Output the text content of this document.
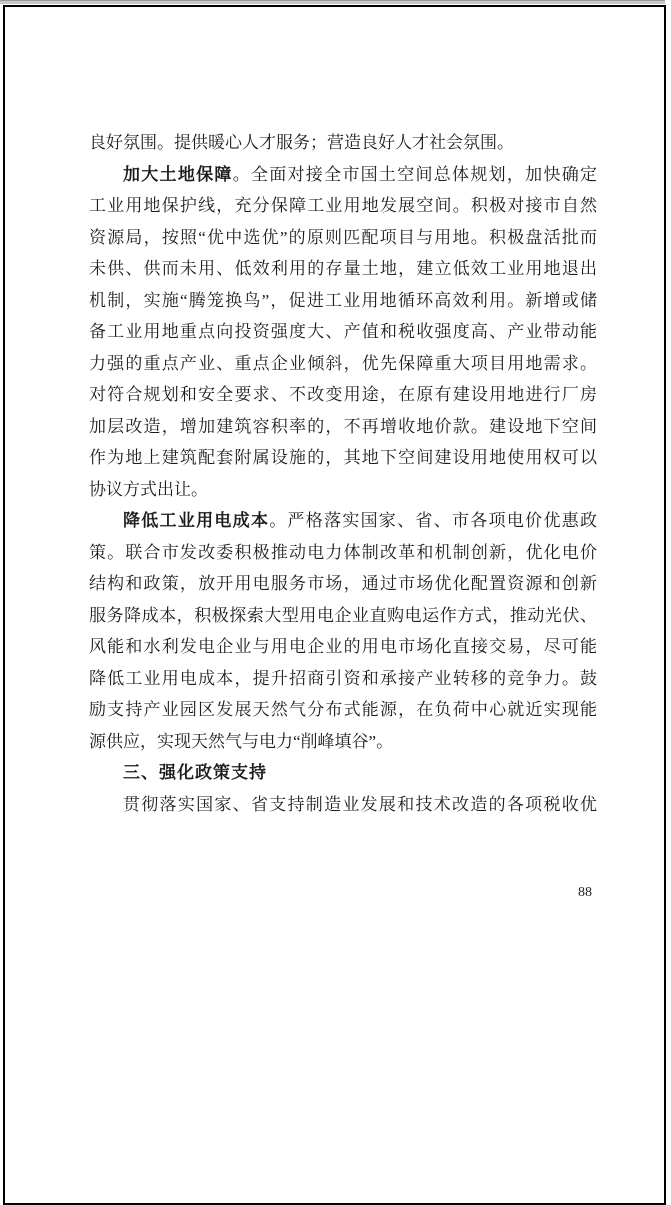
良好氛围。提供暖心人才服务；营造良好人才社会氛围。
加大土地保障。全面对接全市国土空间总体规划，加快确定
工业用地保护线，充分保障工业用地发展空间。积极对接市自然
资源局，按照“优中选优”的原则匹配项目与用地。积极盘活批而
未供、供而未用、低效利用的存量土地，建立低效工业用地退出
机制，实施“腾笼换鸟”，促进工业用地循环高效利用。新增或储
备工业用地重点向投资强度大、产值和税收强度高、产业带动能
力强的重点产业、重点企业倾斜，优先保障重大项目用地需求。
对符合规划和安全要求、不改变用途，在原有建设用地进行厂房
加层改造，增加建筑容积率的，不再增收地价款。建设地下空间
作为地上建筑配套附属设施的，其地下空间建设用地使用权可以
协议方式出让。
降低工业用电成本。严格落实国家、省、市各项电价优惠政
策。联合市发改委积极推动电力体制改革和机制创新，优化电价
结构和政策，放开用电服务市场，通过市场优化配置资源和创新
服务降成本，积极探索大型用电企业直购电运作方式，推动光伏、
风能和水利发电企业与用电企业的用电市场化直接交易，尽可能
降低工业用电成本，提升招商引资和承接产业转移的竞争力。鼓
励支持产业园区发展天然气分布式能源，在负荷中心就近实现能
源供应，实现天然气与电力“削峰填谷”。
三、强化政策支持
贯彻落实国家、省支持制造业发展和技术改造的各项税收优
88
